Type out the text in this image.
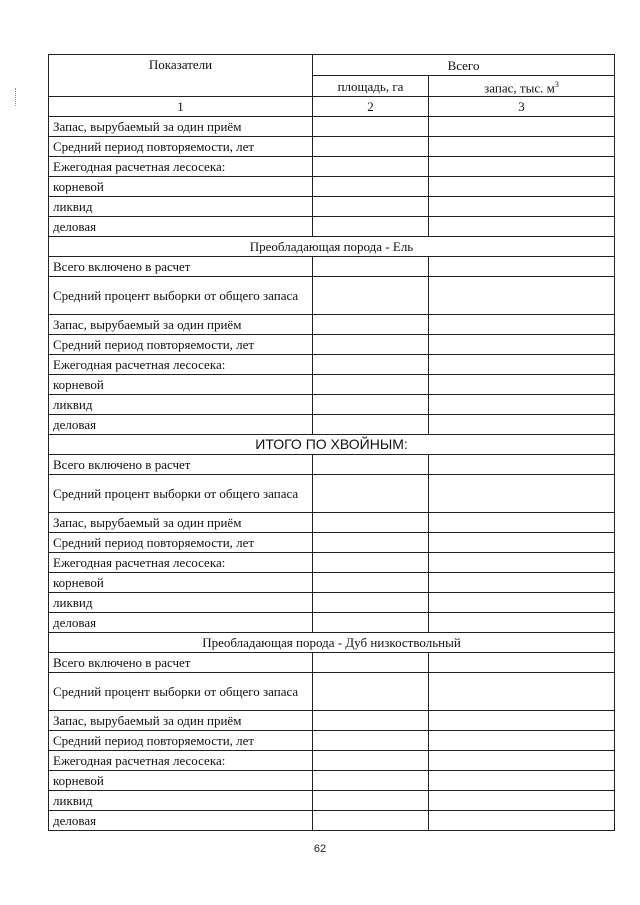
Показатели	Всего	
	площадь, га	запас, тыс. $м^3$
1	2	3
Запас, вырубаемый за один приём		
Средний период повторяемости, лет		
Ежегодная расчетная лесосека:		
корневой		
ликвид		
деловая		
Преобладающая порода - Ель		
Всего включено в расчет		
Средний процент выборки от общего запаса		
Запас, вырубаемый за один приём		
Средний период повторяемости, лет		
Ежегодная расчетная лесосека:		
корневой		
ликвид		
деловая		
ИТОГО ПО ХВОЙНЫМ:		
Всего включено в расчет		
Средний процент выборки от общего запаса		
Запас, вырубаемый за один приём		
Средний период повторяемости, лет		
Ежегодная расчетная лесосека:		
корневой		
ликвид		
деловая		
Преобладающая порода - Дуб низкоствольный		
Всего включено в расчет		
Средний процент выборки от общего запаса		
Запас, вырубаемый за один приём		
Средний период повторяемости, лет		
Ежегодная расчетная лесосека:		
корневой		
ликвид		
деловая		
62
